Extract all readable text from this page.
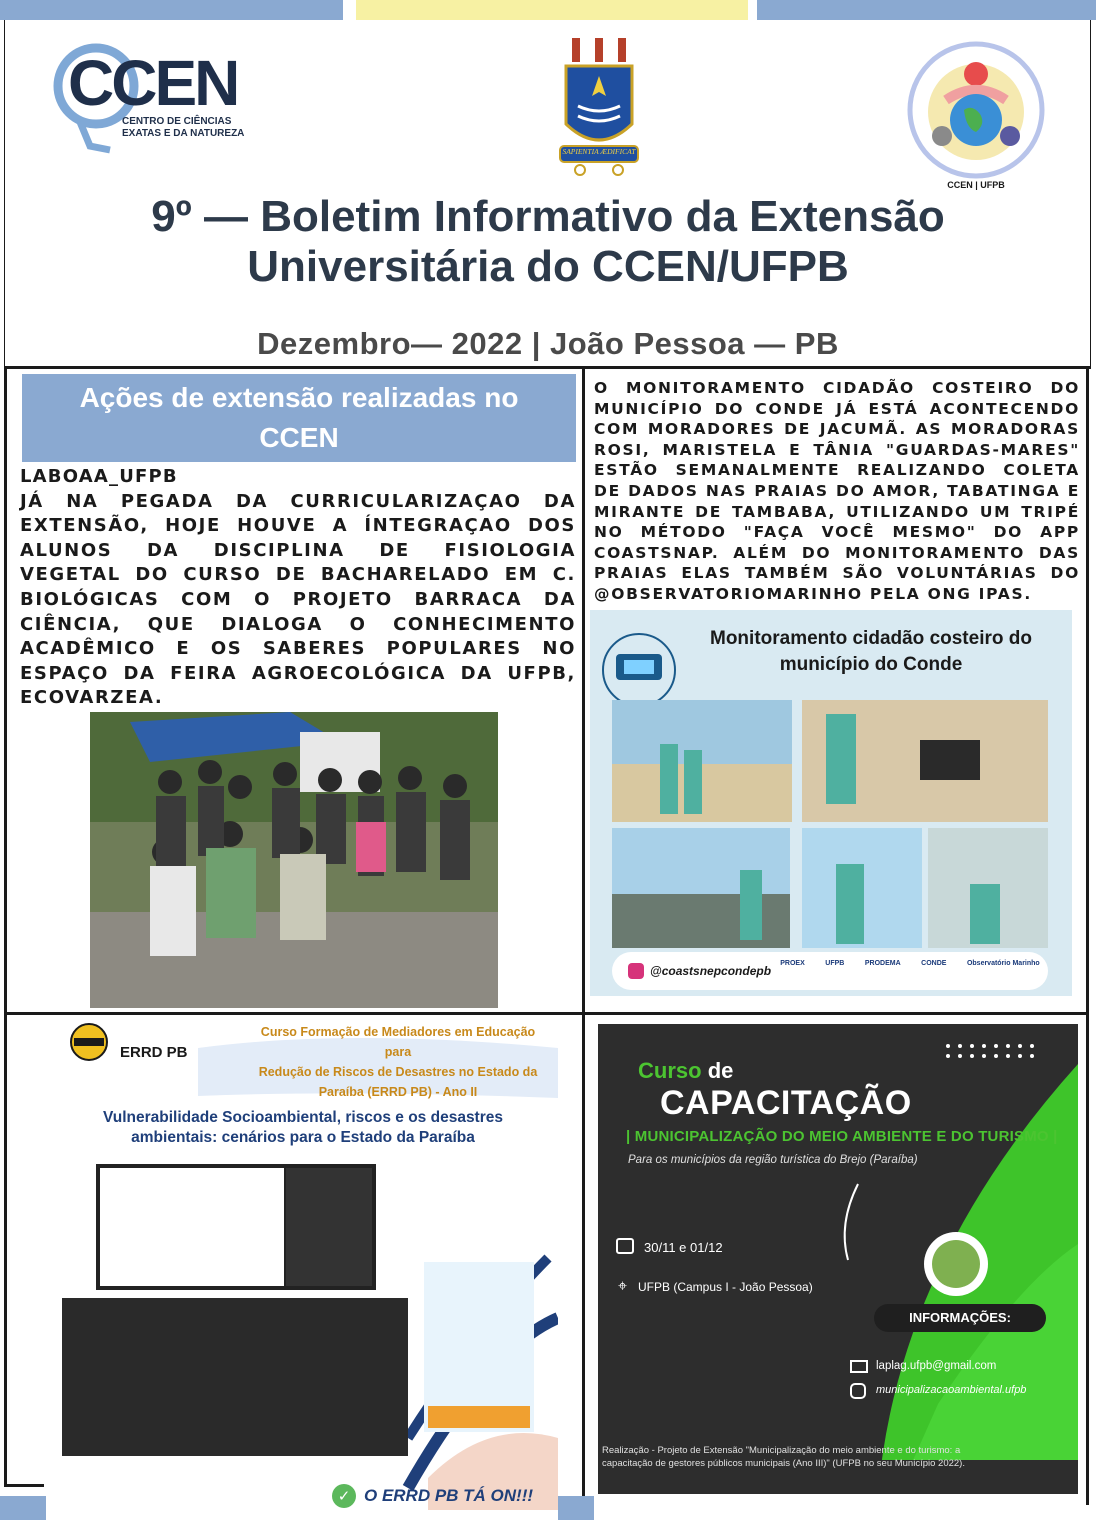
CCEN
CENTRO DE CIÊNCIAS
EXATAS E DA NATUREZA
SAPIENTIA ÆDIFICAT
CCEN | UFPB
9º — Boletim Informativo da Extensão
Universitária do CCEN/UFPB
Dezembro— 2022 | João Pessoa — PB
Ações de extensão realizadas no
CCEN
LABOAA_UFPB
JÁ NA PEGADA DA CURRICULARIZAÇAO DA EXTENSÃO, HOJE HOUVE A ÍNTEGRAÇAO DOS ALUNOS DA DISCIPLINA DE FISIOLOGIA VEGETAL DO CURSO DE BACHARELADO EM C. BIOLÓGICAS COM O PROJETO BARRACA DA CIÊNCIA, QUE DIALOGA O CONHECIMENTO ACADÊMICO E OS SABERES POPULARES NO ESPAÇO DA FEIRA AGROECOLÓGICA DA UFPB, ECOVARZEA.
O MONITORAMENTO CIDADÃO COSTEIRO DO MUNICÍPIO DO CONDE JÁ ESTÁ ACONTECENDO COM MORADORES DE JACUMÃ. AS MORADORAS ROSI, MARISTELA E TÂNIA "GUARDAS-MARES" ESTÃO SEMANALMENTE REALIZANDO COLETA DE DADOS NAS PRAIAS DO AMOR, TABATINGA E MIRANTE DE TAMBABA, UTILIZANDO UM TRIPÉ NO MÉTODO "FAÇA VOCÊ MESMO" DO APP COASTSNAP. ALÉM DO MONITORAMENTO DAS PRAIAS ELAS TAMBÉM SÃO VOLUNTÁRIAS DO @OBSERVATORIOMARINHO PELA ONG IPAS.
Monitoramento cidadão costeiro do
município do Conde
@coastsnepcondepb
PROEX	UFPB	PRODEMA	CONDE	Observatório Marinho
ERRD PB
Curso Formação de Mediadores em Educação para
Redução de Riscos de Desastres no Estado da
Paraíba (ERRD PB) - Ano II
Vulnerabilidade Socioambiental, riscos e os desastres
ambientais: cenários para o Estado da Paraíba
✓ O ERRD PB TÁ ON!!!
Curso de
CAPACITAÇÃO
| MUNICIPALIZAÇÃO DO MEIO AMBIENTE E DO TURISMO |
Para os municípios da região turística do Brejo (Paraíba)
30/11 e 01/12
⌖ UFPB (Campus I - João Pessoa)
INFORMAÇÕES:
laplag.ufpb@gmail.com
municipalizacaoambiental.ufpb
Realização - Projeto de Extensão "Municipalização do meio ambiente e do turismo: a capacitação de gestores públicos municipais (Ano III)" (UFPB no seu Município 2022).
